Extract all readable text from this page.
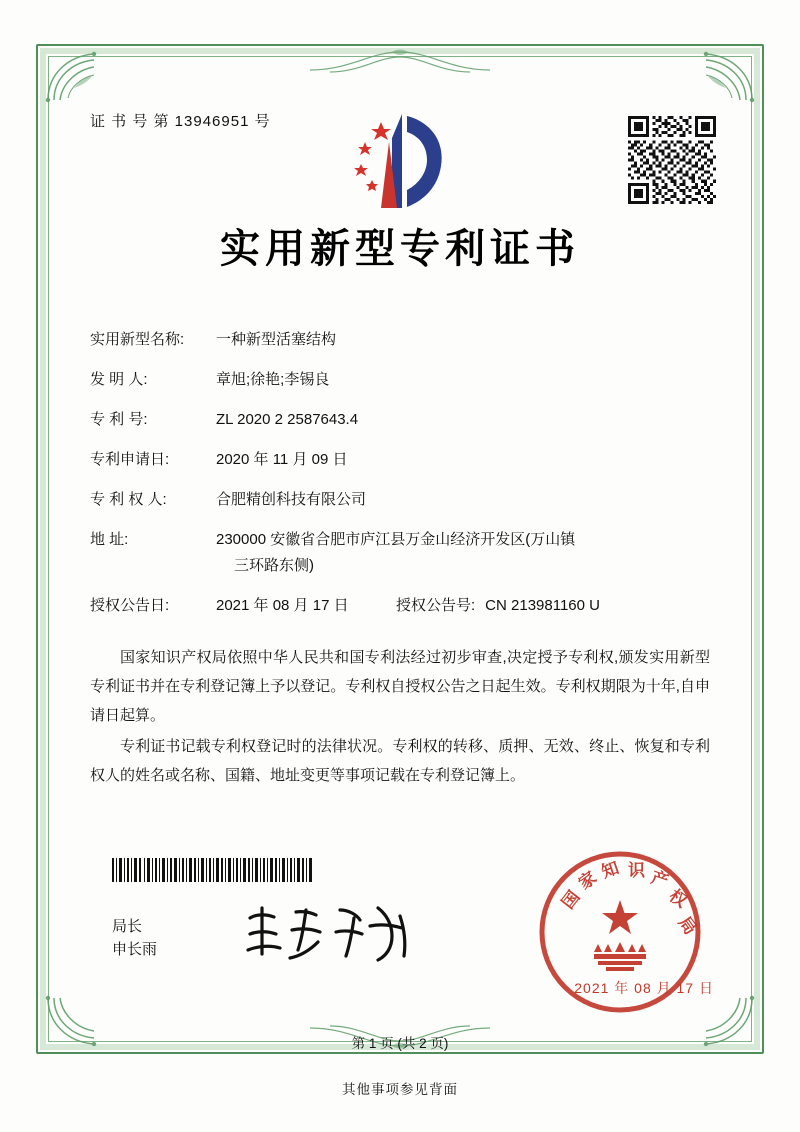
证 书 号 第 13946951 号
实用新型专利证书
实用新型名称:	一种新型活塞结构
发 明 人:	章旭;徐艳;李锡良
专 利 号:	ZL 2020 2 2587643.4
专利申请日:	2020 年 11 月 09 日
专 利 权 人:	合肥精创科技有限公司
地 址:	230000 安徽省合肥市庐江县万金山经济开发区(万山镇
三环路东侧)
授权公告日:	2021 年 08 月 17 日	授权公告号: CN 213981160 U

国家知识产权局依照中华人民共和国专利法经过初步审查,决定授予专利权,颁发实用新型专利证书并在专利登记簿上予以登记。专利权自授权公告之日起生效。专利权期限为十年,自申请日起算。

专利证书记载专利权登记时的法律状况。专利权的转移、质押、无效、终止、恢复和专利权人的姓名或名称、国籍、地址变更等事项记载在专利登记簿上。

局长
申长雨
国
家
知 识 产
权
局
2021 年 08 月 17 日
第 1 页 (共 2 页)
其他事项参见背面
